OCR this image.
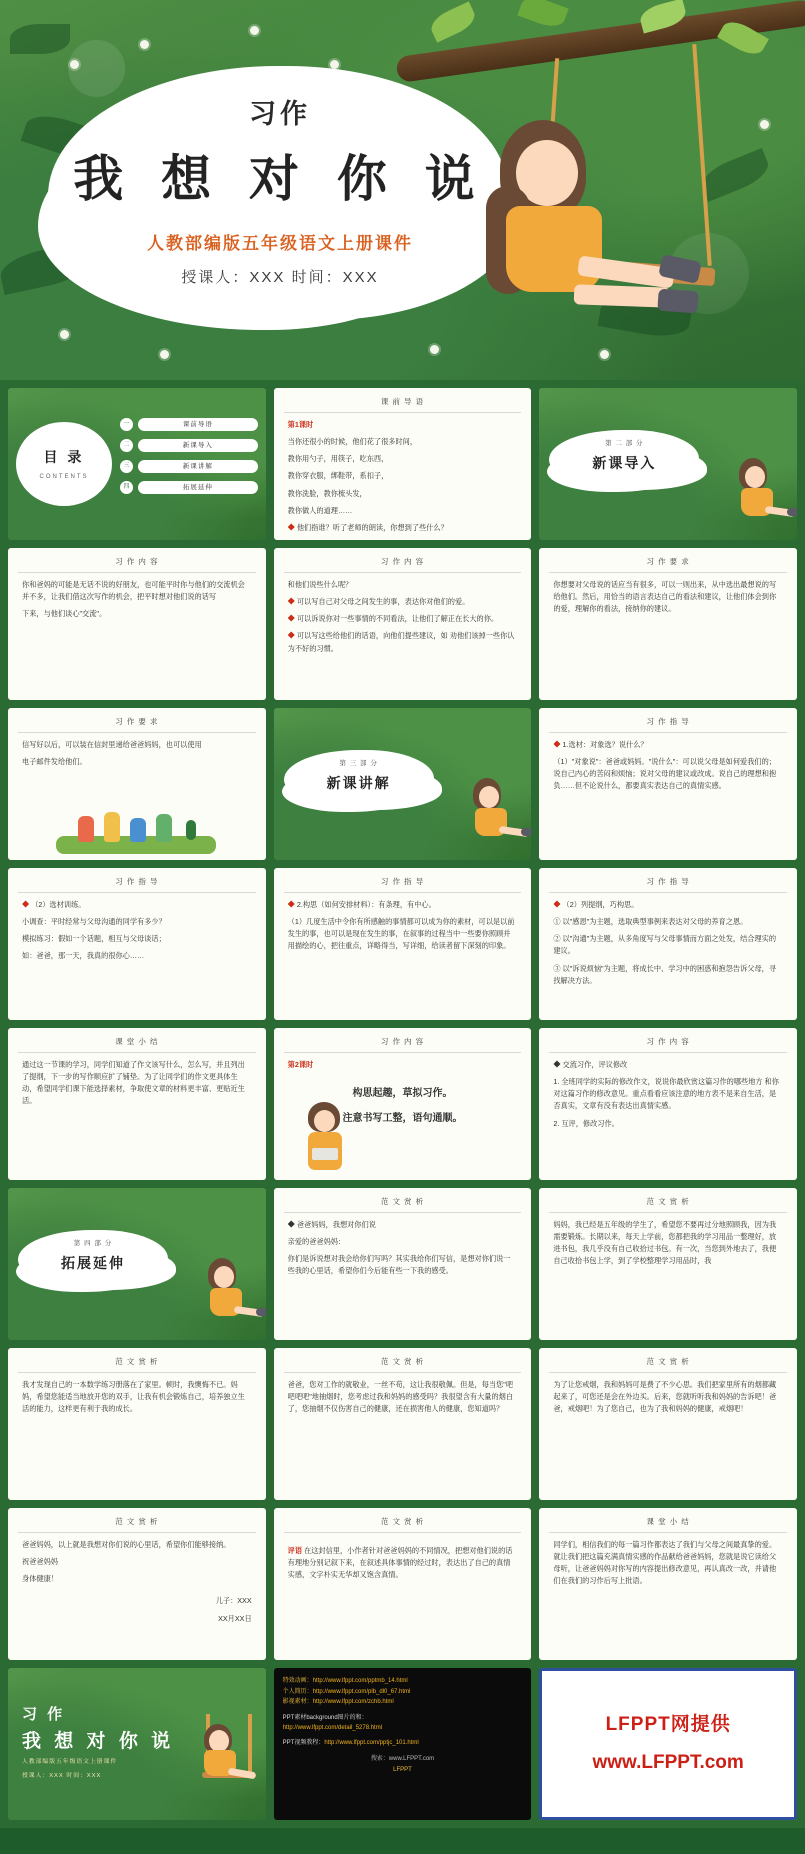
习作
我 想 对 你 说
人教部编版五年级语文上册课件
授课人：XXX 时间：XXX
目 录
CONTENTS
一	课前导语
二	新课导入
三	新课讲解
四	拓展延伸
课 前 导 语

第1课时

当你还很小的时候，他们花了很多时间，

教你用勺子，用筷子，吃东西，

教你穿衣服，绑鞋带，系扣子，

教你洗脸，教你梳头发，

教你做人的道理……

◆ 他们指谁？听了老师的朗读，你想到了些什么？

第 二 部 分
新课导入
习 作 内 容

你和爸妈的可能是无话不说的好朋友，也可能平时你与他们的交流机会并不多，让我们借这次写作的机会，把平时想对他们说的话写

下来，与他们谈心"交流"。

习 作 内 容

和他们说些什么呢？

◆ 可以写自己对父母之间发生的事，表达你对他们的爱。

◆ 可以诉说你对一些事情的不同看法，让他们了解正在长大的你。

◆ 可以写这些给他们的话语，向他们提些建议，如 劝他们该掉一些你认为不好的习惯。

习 作 要 求

你想要对父母说的话应当有很多，可以一则出来，从中选出最想说的写给他们。然后，用恰当的语言表达自己的看法和建议，让他们体会到你的爱，理解你的看法，接纳你的建议。

习 作 要 求

信写好以后，可以装在信封里递给爸爸妈妈，也可以使用

电子邮件发给他们。	第 三 部 分
新课讲解
习 作 指 导

◆ 1.选材：对象选？说什么？

（1）"对象说"：爸爸或妈妈。"说什么"：可以说父母是如何爱我们的；说自己内心的苦闷和烦恼；说对父母的建议或改成。说自己的理想和抱负……但不论说什么，都要真实表达自己的真情实感。

习 作 指 导

◆ （2）选材训练。

小调查：平时经常与父母沟通的同学有多少？

模拟练习：假如一个话题，相互与父母谈话；

如：爸爸，那一天，我真的很你心……

习 作 指 导

◆ 2.构思（如何安排材料）：有条理，有中心。

（1）几度生活中令你有所感触的事情都可以成为你的素材，可以是以前发生的事，也可以是现在发生的事，在叙事的过程当中一些要你照顾并用描绘的心，把往重点，详略得当，写详细，给读者留下深刻的印象。

习 作 指 导

◆ （2）列提纲，巧构思。

① 以"感恩"为主题，选取典型事例来表达对父母的养育之恩。

② 以"沟通"为主题，从多角度写与父母事情而方面之处发，结合理实的建议。

③ 以"诉说烦恼"为主题，将成长中、学习中的困惑和抱怨告诉父母，寻找解决方法。

课 堂 小 结

通过这一节课的学习，同学们知道了作文该写什么，怎么写，并且列出了提纲，下一步的写作顺应扩了铺垫。为了让同学们的作文更具体生动，希望同学们课下能选择素材，争取使文章的材料更丰富、更贴近生活。

习 作 内 容

第2课时

构思起趣，草拟习作。

注意书写工整，语句通顺。

习 作 内 容

◆ 交流习作，评议修改

1. 全班同学的实际的修改作文，说说你最欣赏这篇习作的哪些地方 和你对这篇习作的修改意见。重点看看应该注意的地方表不是来自生活，是否真实，文章有没有表达出真情实感。

2. 互评，修改习作。

第 四 部 分
拓展延伸
范 文 赏 析

◆ 爸爸妈妈，我想对你们说

亲爱的爸爸妈妈：

你们是诉说想对我会给你们写吗？其实我给你们写信，是想对你们说一些我的心里话，希望你们今后能有些一下我的感受。

范 文 赏 析

妈妈，我已经是五年级的学生了，希望您不要再过分地照顾我，因为我需要锻炼。长期以来，每天上学前，您都把我的学习用品一整理好，放进书包，我几乎没有自己收拾过书包。有一次，当您到外地去了，我便自己收拾书包上学，到了学校整理学习用品时，我

范 文 赏 析

我才发现自己的一本数学练习册落在了家里。顿时，我懊悔不已。妈妈，希望您能适当地放开您的双手，让我有机会锻炼自己，培养独立生活的能力，这样更有利于我的成长。

范 文 赏 析

爸爸，您对工作的就敬业，一丝不苟，这让我很敬佩。但是，每当您"吧吧吧吧"地抽烟时，您考虑过我和妈妈的感受吗？我很望含有大量的烟白了，您抽烟不仅伤害自己的健康，还在损害他人的健康，您知道吗？

范 文 赏 析

为了让您戒烟，我和妈妈可是费了不少心思。我们把家里所有的烟都藏起来了，可您还是会在外边买。后来，您就听听我和妈妈的告诉吧！爸爸，戒烟吧！为了您自己，也为了我和妈妈的健康，戒烟吧！

范 文 赏 析

爸爸妈妈，以上就是我想对你们说的心里话，希望你们能够接纳。

祝爸爸妈妈

身体健康！

儿子：XXX

XX月XX日

范 文 赏 析

评语 在这封信里，小作者针对爸爸妈妈的不同情况，把想对他们说的话有理地分别记叙下来，在叙述具体事情的经过时，表达出了自己的真情实感，文字朴实无华却又饱含真情。

课 堂 小 结

同学们，相信我们的每一篇习作都表达了我们与父母之间最真挚的爱。就让我们把这篇充满真情实感的作品献给爸爸妈妈，您就是说它读给父母听，让爸爸妈妈对你写的内容提出修改意见，再认真改一改，并请他们在我们的习作后写上批语。

习 作
我 想 对 你 说
人教部编版五年级语文上册课件
授课人：XXX 时间：XXX
特效动画：http://www.lfppt.com/pptmb_14.html
个人简历：http://www.lfppt.com/plb_dl0_67.html
影视素材：http://www.lfppt.com/zchb.html
PPT素材background图片的和：
http://www.lfppt.com/detail_5278.html
PPT视频教程：http://www.lfppt.com/pptjc_101.html
搜索：www.LFPPT.com
LFPPT
LFPPT网提供
www.LFPPT.com
